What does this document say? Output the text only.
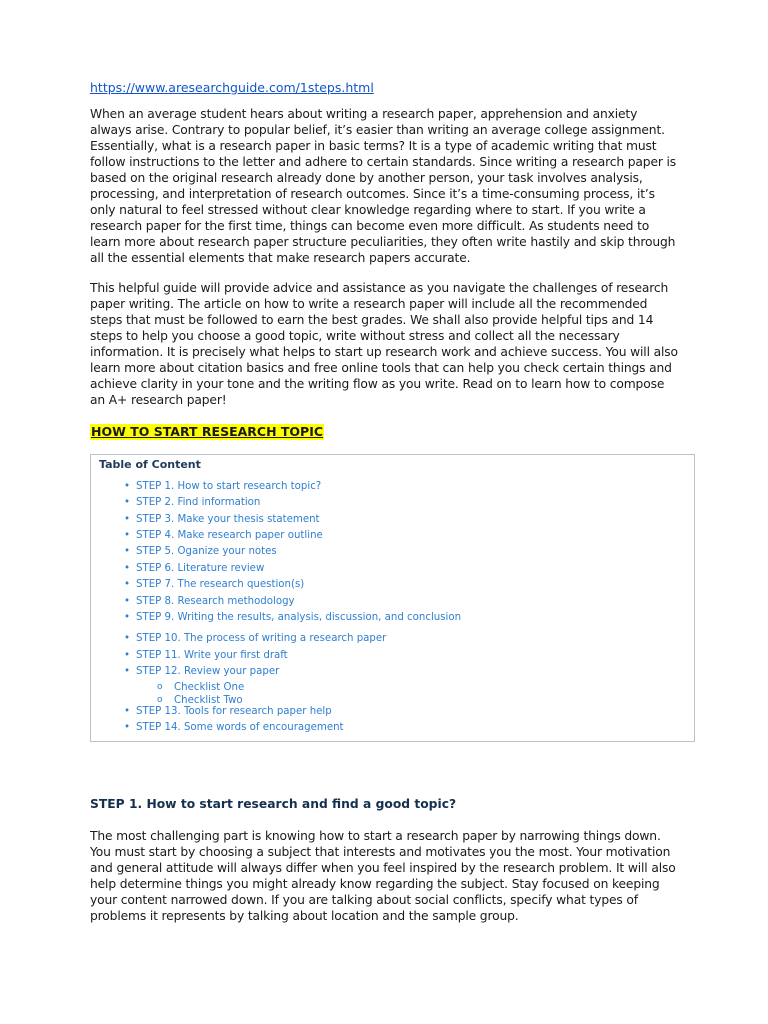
https://www.aresearchguide.com/1steps.html

When an average student hears about writing a research paper, apprehension and anxiety always arise. Contrary to popular belief, it’s easier than writing an average college assignment. Essentially, what is a research paper in basic terms? It is a type of academic writing that must follow instructions to the letter and adhere to certain standards. Since writing a research paper is based on the original research already done by another person, your task involves analysis, processing, and interpretation of research outcomes. Since it’s a time-consuming process, it’s only natural to feel stressed without clear knowledge regarding where to start. If you write a research paper for the first time, things can become even more difficult. As students need to learn more about research paper structure peculiarities, they often write hastily and skip through all the essential elements that make research papers accurate.

This helpful guide will provide advice and assistance as you navigate the challenges of research paper writing. The article on how to write a research paper will include all the recommended steps that must be followed to earn the best grades. We shall also provide helpful tips and 14 steps to help you choose a good topic, write without stress and collect all the necessary information. It is precisely what helps to start up research work and achieve success. You will also learn more about citation basics and free online tools that can help you check certain things and achieve clarity in your tone and the writing flow as you write. Read on to learn how to compose an A+ research paper!

HOW TO START RESEARCH TOPIC
Table of Content
• STEP 1. How to start research topic?
• STEP 2. Find information
• STEP 3. Make your thesis statement
• STEP 4. Make research paper outline
• STEP 5. Oganize your notes
• STEP 6. Literature review
• STEP 7. The research question(s)
• STEP 8. Research methodology
• STEP 9. Writing the results, analysis, discussion, and conclusion
• STEP 10. The process of writing a research paper
• STEP 11. Write your first draft
• STEP 12. Review your paper
o Checklist One
o Checklist Two
• STEP 13. Tools for research paper help
• STEP 14. Some words of encouragement
STEP 1. How to start research and find a good topic?

The most challenging part is knowing how to start a research paper by narrowing things down. You must start by choosing a subject that interests and motivates you the most. Your motivation and general attitude will always differ when you feel inspired by the research problem. It will also help determine things you might already know regarding the subject. Stay focused on keeping your content narrowed down. If you are talking about social conflicts, specify what types of problems it represents by talking about location and the sample group.
